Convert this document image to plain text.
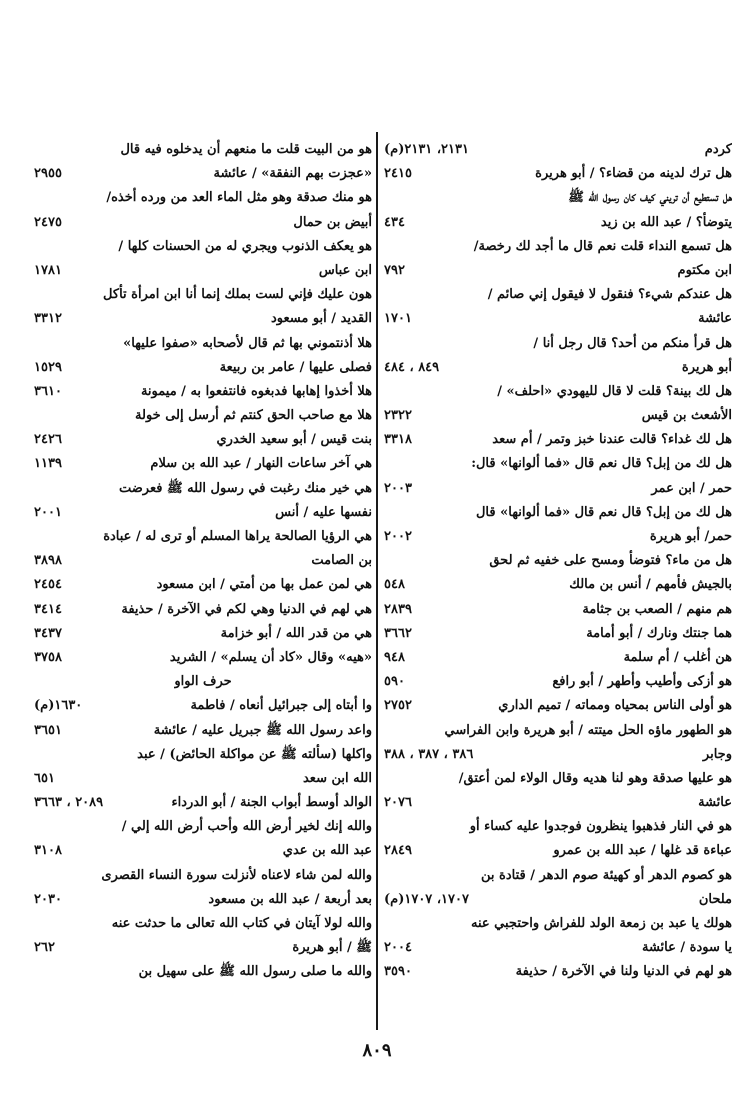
كردم
٢١٣١، ٢١٣١(م)
هل ترك لدينه من قضاء؟ / أبو هريرة
٢٤١٥
هل تستطيع أن تريني كيف كان رسول الله ﷺ
يتوضأ؟ / عبد الله بن زيد
٤٣٤
هل تسمع النداء قلت نعم قال ما أجد لك رخصة/
ابن مكتوم
٧٩٢
هل عندكم شيء؟ فنقول لا فيقول إني صائم /
عائشة
١٧٠١
هل قرأ منكم من أحد؟ قال رجل أنا /
أبو هريرة
٨٤٩ ، ٤٨٤
هل لك بينة؟ قلت لا قال لليهودي «احلف» /
الأشعث بن قيس
٢٣٢٢
هل لك غداء؟ قالت عندنا خبز وتمر / أم سعد
٣٣١٨
هل لك من إبل؟ قال نعم قال «فما ألوانها» قال:
حمر / ابن عمر
٢٠٠٣
هل لك من إبل؟ قال نعم قال «فما ألوانها» قال
حمر/ أبو هريرة
٢٠٠٢
هل من ماء؟ فتوضأ ومسح على خفيه ثم لحق
بالجيش فأمهم / أنس بن مالك
٥٤٨
هم منهم / الصعب بن جثامة
٢٨٣٩
هما جنتك ونارك / أبو أمامة
٣٦٦٢
هن أغلب / أم سلمة
٩٤٨
هو أزكى وأطيب وأطهر / أبو رافع
٥٩٠
هو أولى الناس بمحياه ومماته / تميم الداري
٢٧٥٢
هو الطهور ماؤه الحل ميتته / أبو هريرة وابن الفراسي
وجابر
٣٨٦ ، ٣٨٧ ، ٣٨٨
هو عليها صدقة وهو لنا هديه وقال الولاء لمن أعتق/
عائشة
٢٠٧٦
هو في النار فذهبوا ينظرون فوجدوا عليه كساء أو
عباءة قد غلها / عبد الله بن عمرو
٢٨٤٩
هو كصوم الدهر أو كهيئة صوم الدهر / قتادة بن
ملحان
١٧٠٧، ١٧٠٧(م)
هولك يا عبد بن زمعة الولد للفراش واحتجبي عنه
يا سودة / عائشة
٢٠٠٤
هو لهم في الدنيا ولنا في الآخرة / حذيفة
٣٥٩٠
هو من البيت قلت ما منعهم أن يدخلوه فيه قال
«عجزت بهم النفقة» / عائشة
٢٩٥٥
هو منك صدقة وهو مثل الماء العد من ورده أخذه/
أبيض بن حمال
٢٤٧٥
هو يعكف الذنوب ويجري له من الحسنات كلها /
ابن عباس
١٧٨١
هون عليك فإني لست بملك إنما أنا ابن امرأة تأكل
القديد / أبو مسعود
٣٣١٢
هلا أذنتموني بها ثم قال لأصحابه «صفوا عليها»
فصلى عليها / عامر بن ربيعة
١٥٢٩
هلا أخذوا إهابها فدبغوه فانتفعوا به / ميمونة
٣٦١٠
هلا مع صاحب الحق كنتم ثم أرسل إلى خولة
بنت قيس / أبو سعيد الخدري
٢٤٢٦
هي آخر ساعات النهار / عبد الله بن سلام
١١٣٩
هي خير منك رغبت في رسول الله ﷺ فعرضت
نفسها عليه / أنس
٢٠٠١
هي الرؤيا الصالحة يراها المسلم أو ترى له / عبادة
بن الصامت
٣٨٩٨
هي لمن عمل بها من أمتي / ابن مسعود
٢٤٥٤
هي لهم في الدنيا وهي لكم في الآخرة / حذيفة
٣٤١٤
هي من قدر الله / أبو خزامة
٣٤٣٧
«هيه» وقال «كاد أن يسلم» / الشريد
٣٧٥٨
حرف الواو
وا أبتاه إلى جبرائيل أنعاه / فاطمة
١٦٣٠(م)
واعد رسول الله ﷺ جبريل عليه / عائشة
٣٦٥١
واكلها (سألته ﷺ عن مواكلة الحائض) / عبد
الله ابن سعد
٦٥١
الوالد أوسط أبواب الجنة / أبو الدرداء
٢٠٨٩ ، ٣٦٦٣
والله إنك لخير أرض الله وأحب أرض الله إلي /
عبد الله بن عدي
٣١٠٨
والله لمن شاء لاعناه لأنزلت سورة النساء القصرى
بعد أربعة / عبد الله بن مسعود
٢٠٣٠
والله لولا آيتان في كتاب الله تعالى ما حدثت عنه
ﷺ / أبو هريرة
٢٦٢
والله ما صلى رسول الله ﷺ على سهيل بن
٨٠٩
